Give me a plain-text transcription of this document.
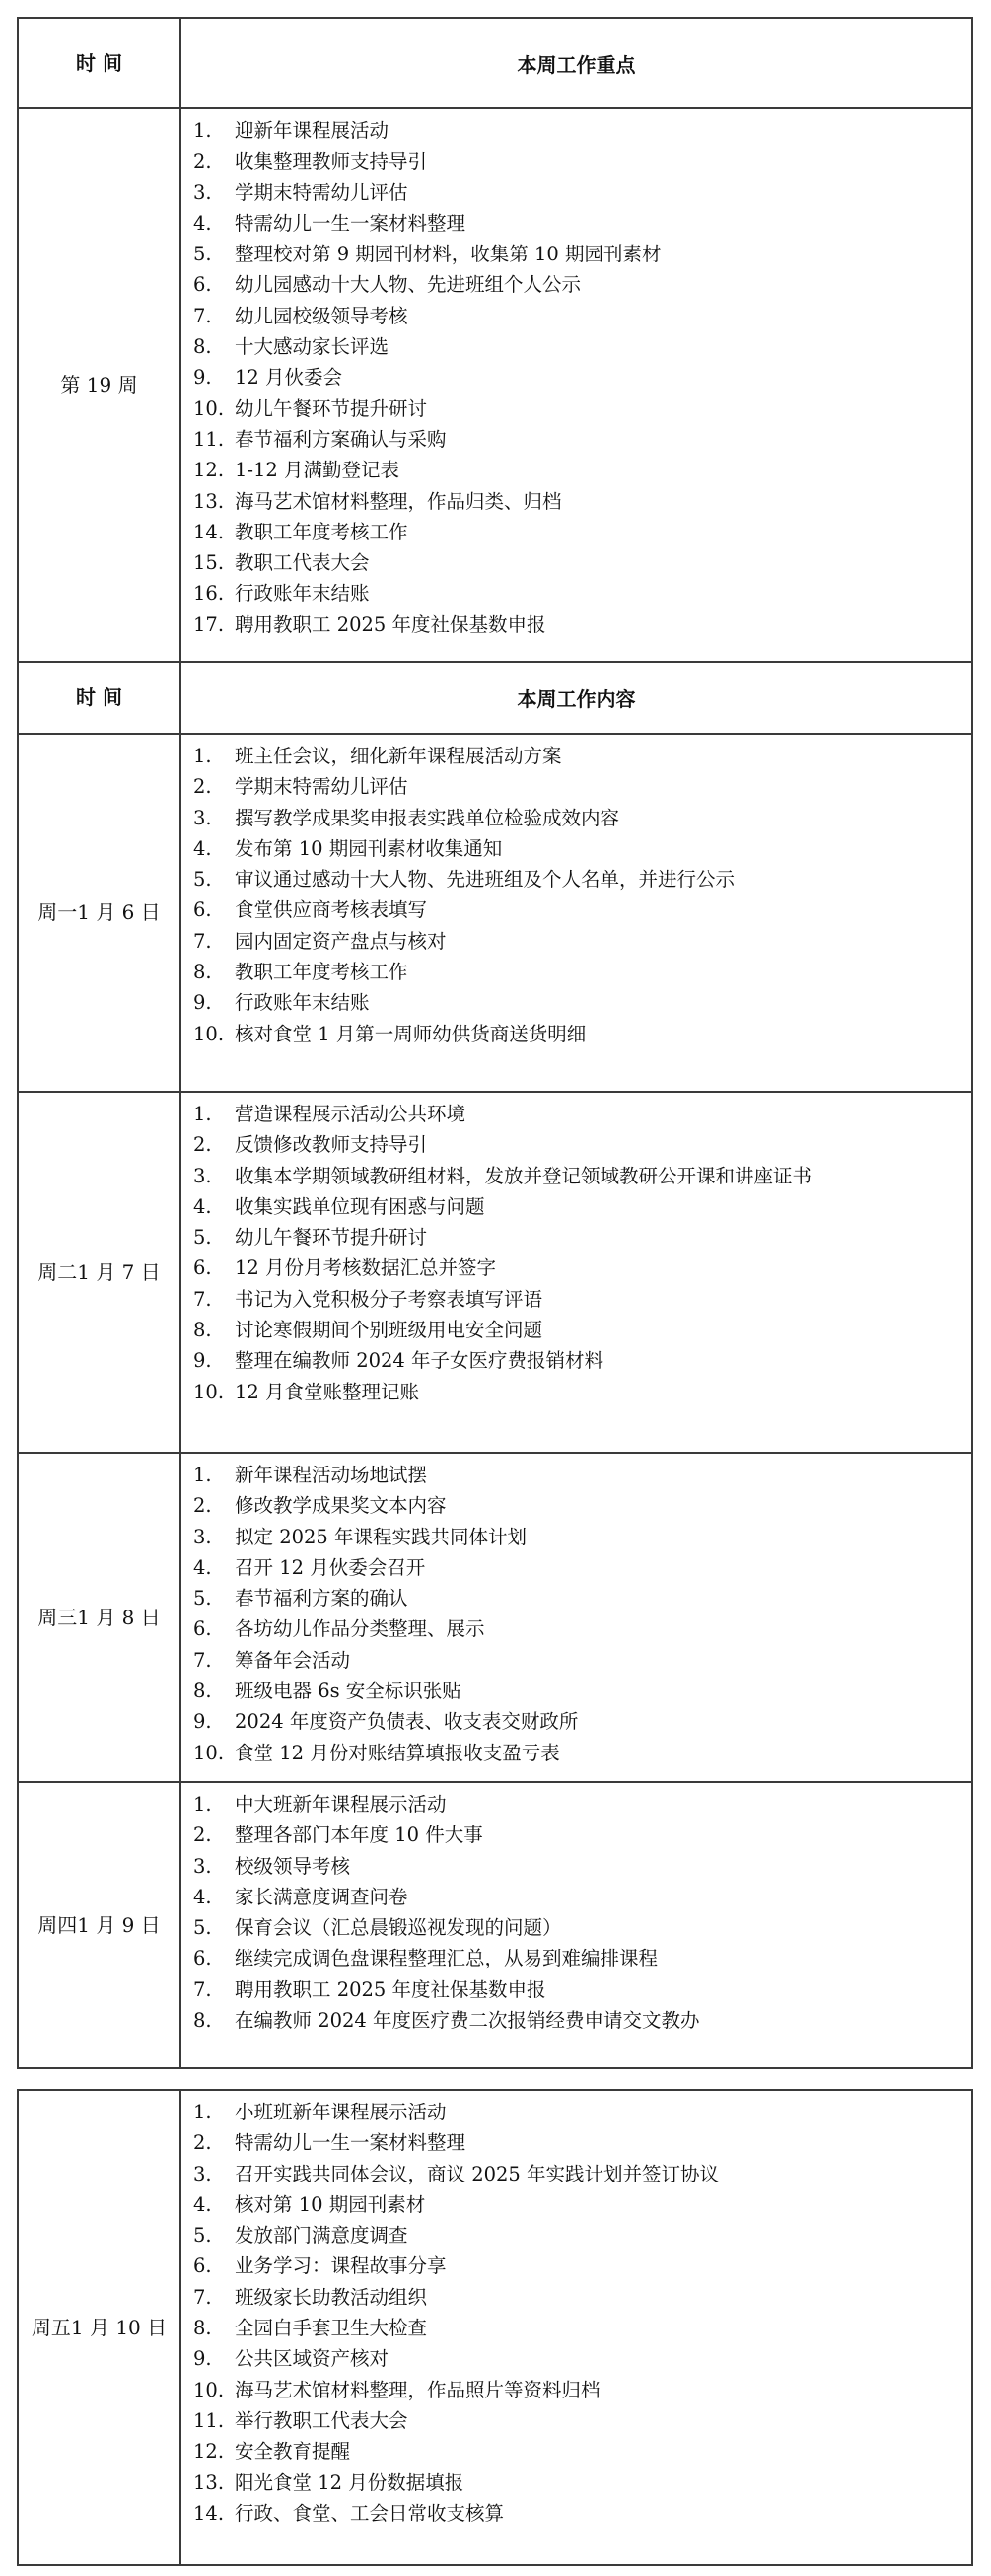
时 间	本周工作重点
第 19 周
1.	迎新年课程展活动
2.	收集整理教师支持导引
3.	学期末特需幼儿评估
4.	特需幼儿一生一案材料整理
5.	整理校对第 9 期园刊材料，收集第 10 期园刊素材
6.	幼儿园感动十大人物、先进班组个人公示
7.	幼儿园校级领导考核
8.	十大感动家长评选
9.	12 月伙委会
10. 幼儿午餐环节提升研讨
11. 春节福利方案确认与采购
12. 1-12 月满勤登记表
13. 海马艺术馆材料整理，作品归类、归档
14. 教职工年度考核工作
15. 教职工代表大会
16. 行政账年末结账
17. 聘用教职工 2025 年度社保基数申报
时 间	本周工作内容
周一 1 月 6 日
1.	班主任会议，细化新年课程展活动方案
2.	学期末特需幼儿评估
3.	撰写教学成果奖申报表实践单位检验成效内容
4.	发布第 10 期园刊素材收集通知
5.	审议通过感动十大人物、先进班组及个人名单，并进行公示
6.	食堂供应商考核表填写
7.	园内固定资产盘点与核对
8.	教职工年度考核工作
9.	行政账年末结账
10. 核对食堂 1 月第一周师幼供货商送货明细
周二 1 月 7 日
1.	营造课程展示活动公共环境
2.	反馈修改教师支持导引
3.	收集本学期领域教研组材料，发放并登记领域教研公开课和讲座证书
4.	收集实践单位现有困惑与问题
5.	幼儿午餐环节提升研讨
6.	12 月份月考核数据汇总并签字
7.	书记为入党积极分子考察表填写评语
8.	讨论寒假期间个别班级用电安全问题
9.	整理在编教师 2024 年子女医疗费报销材料
10. 12 月食堂账整理记账
周三 1 月 8 日
1.	新年课程活动场地试摆
2.	修改教学成果奖文本内容
3.	拟定 2025 年课程实践共同体计划
4.	召开 12 月伙委会召开
5.	春节福利方案的确认
6.	各坊幼儿作品分类整理、展示
7.	筹备年会活动
8.	班级电器 6s 安全标识张贴
9.	2024 年度资产负债表、收支表交财政所
10. 食堂 12 月份对账结算填报收支盈亏表
周四 1 月 9 日
1.	中大班新年课程展示活动
2.	整理各部门本年度 10 件大事
3.	校级领导考核
4.	家长满意度调查问卷
5.	保育会议（汇总晨锻巡视发现的问题）
6.	继续完成调色盘课程整理汇总，从易到难编排课程
7.	聘用教职工 2025 年度社保基数申报
8.	在编教师 2024 年度医疗费二次报销经费申请交文教办
周五 1 月 10 日
1.	小班班新年课程展示活动
2.	特需幼儿一生一案材料整理
3.	召开实践共同体会议，商议 2025 年实践计划并签订协议
4.	核对第 10 期园刊素材
5.	发放部门满意度调查
6.	业务学习：课程故事分享
7.	班级家长助教活动组织
8.	全园白手套卫生大检查
9.	公共区域资产核对
10. 海马艺术馆材料整理，作品照片等资料归档
11. 举行教职工代表大会
12. 安全教育提醒
13. 阳光食堂 12 月份数据填报
14. 行政、食堂、工会日常收支核算
